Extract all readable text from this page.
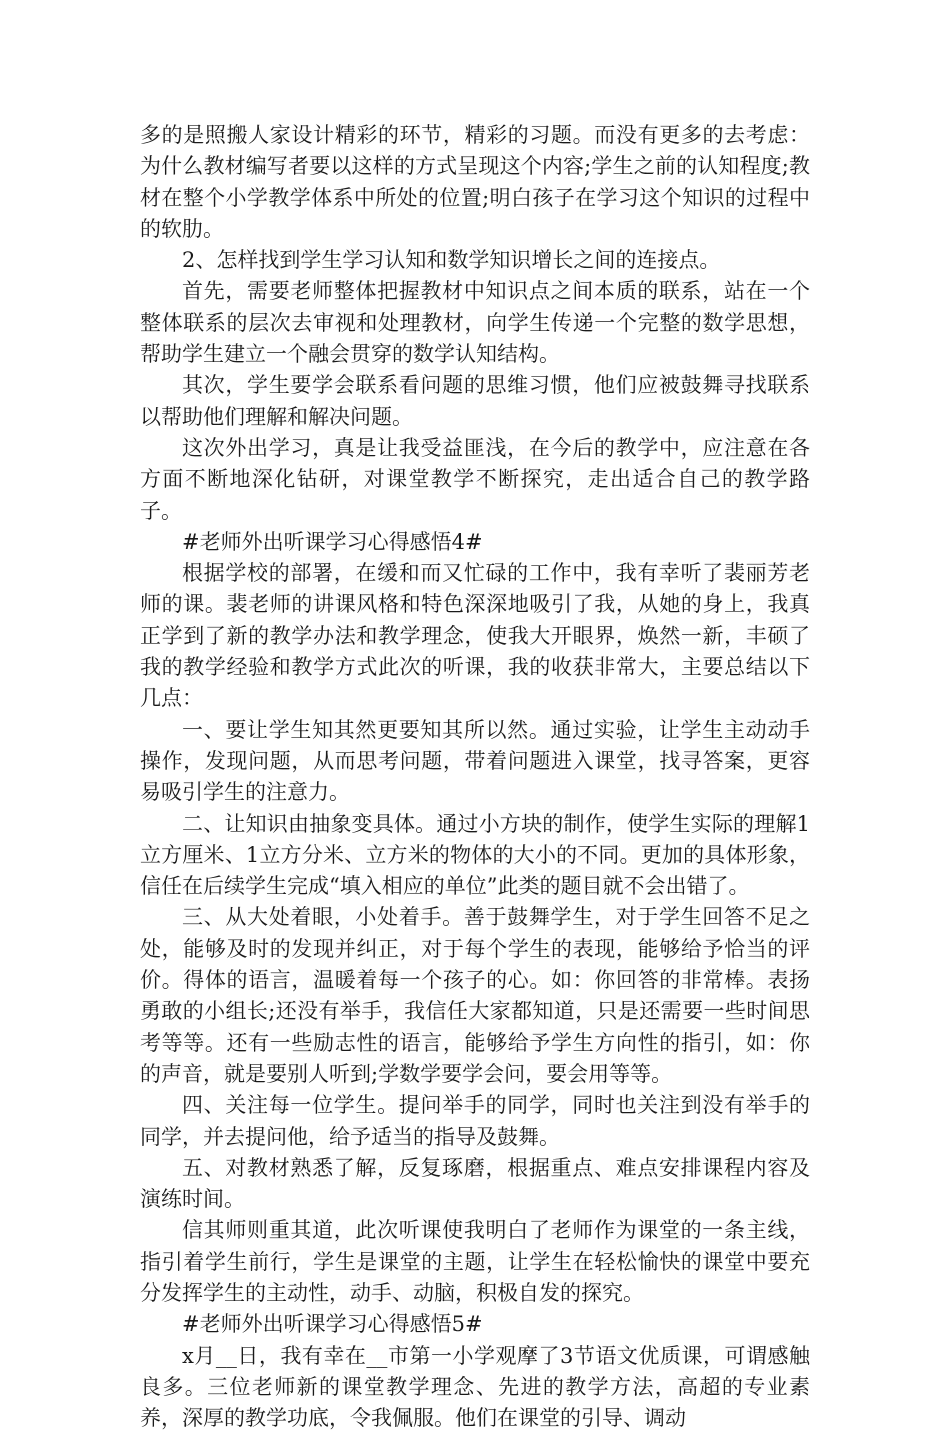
多的是照搬人家设计精彩的环节，精彩的习题。而没有更多的去考虑：为什么教材编写者要以这样的方式呈现这个内容;学生之前的认知程度;教材在整个小学教学体系中所处的位置;明白孩子在学习这个知识的过程中的软肋。

2、怎样找到学生学习认知和数学知识增长之间的连接点。

首先，需要老师整体把握教材中知识点之间本质的联系，站在一个整体联系的层次去审视和处理教材，向学生传递一个完整的数学思想，帮助学生建立一个融会贯穿的数学认知结构。

其次，学生要学会联系看问题的思维习惯，他们应被鼓舞寻找联系以帮助他们理解和解决问题。

这次外出学习，真是让我受益匪浅，在今后的教学中，应注意在各方面不断地深化钻研，对课堂教学不断探究，走出适合自己的教学路子。

#老师外出听课学习心得感悟4#

根据学校的部署，在缓和而又忙碌的工作中，我有幸听了裴丽芳老师的课。裴老师的讲课风格和特色深深地吸引了我，从她的身上，我真正学到了新的教学办法和教学理念，使我大开眼界，焕然一新，丰硕了我的教学经验和教学方式此次的听课，我的收获非常大，主要总结以下几点：

一、要让学生知其然更要知其所以然。通过实验，让学生主动动手操作，发现问题，从而思考问题，带着问题进入课堂，找寻答案，更容易吸引学生的注意力。

二、让知识由抽象变具体。通过小方块的制作，使学生实际的理解1立方厘米、1立方分米、立方米的物体的大小的不同。更加的具体形象，信任在后续学生完成“填入相应的单位”此类的题目就不会出错了。

三、从大处着眼，小处着手。善于鼓舞学生，对于学生回答不足之处，能够及时的发现并纠正，对于每个学生的表现，能够给予恰当的评价。得体的语言，温暖着每一个孩子的心。如：你回答的非常棒。表扬勇敢的小组长;还没有举手，我信任大家都知道，只是还需要一些时间思考等等。还有一些励志性的语言，能够给予学生方向性的指引，如：你的声音，就是要别人听到;学数学要学会问，要会用等等。

四、关注每一位学生。提问举手的同学，同时也关注到没有举手的同学，并去提问他，给予适当的指导及鼓舞。

五、对教材熟悉了解，反复琢磨，根据重点、难点安排课程内容及演练时间。

信其师则重其道，此次听课使我明白了老师作为课堂的一条主线，指引着学生前行，学生是课堂的主题，让学生在轻松愉快的课堂中要充分发挥学生的主动性，动手、动脑，积极自发的探究。

#老师外出听课学习心得感悟5#

x月__日，我有幸在__市第一小学观摩了3节语文优质课，可谓感触良多。三位老师新的课堂教学理念、先进的教学方法，高超的专业素养，深厚的教学功底，令我佩服。他们在课堂的引导、调动
